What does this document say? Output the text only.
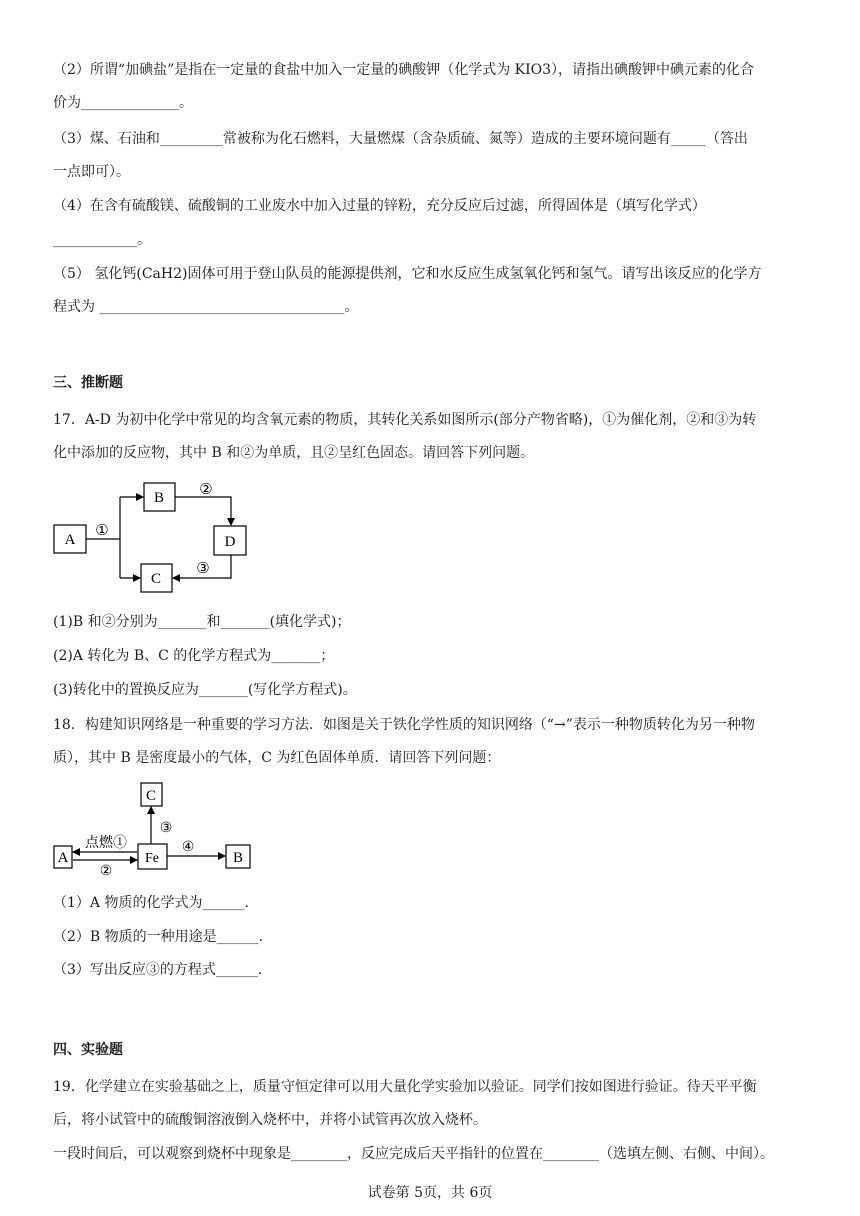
（2）所谓“加碘盐”是指在一定量的食盐中加入一定量的碘酸钾（化学式为 KIO3），请指出碘酸钾中碘元素的化合
价为______________。
（3）煤、石油和_________常被称为化石燃料，大量燃煤（含杂质硫、氮等）造成的主要环境问题有_____（答出
一点即可）。
（4）在含有硫酸镁、硫酸铜的工业废水中加入过量的锌粉，充分反应后过滤，所得固体是（填写化学式）
____________。
（5） 氢化钙(CaH2)固体可用于登山队员的能源提供剂，它和水反应生成氢氧化钙和氢气。请写出该反应的化学方
程式为 ___________________________________。
三、推断题
17．A-D 为初中化学中常见的均含氧元素的物质，其转化关系如图所示(部分产物省略)，①为催化剂，②和③为转
化中添加的反应物，其中 B 和②为单质，且②呈红色固态。请回答下列问题。
A
B
D
C
①
②
③
(1)B 和②分别为_______和_______(填化学式)；
(2)A 转化为 B、C 的化学方程式为_______；
(3)转化中的置换反应为_______(写化学方程式)。
18．构建知识网络是一种重要的学习方法．如图是关于铁化学性质的知识网络（“→”表示一种物质转化为另一种物
质），其中 B 是密度最小的气体，C 为红色固体单质．请回答下列问题：
C
A	Fe	B
③
点燃①
②
④
（1）A 物质的化学式为______.
（2）B 物质的一种用途是______.
（3）写出反应③的方程式______.
四、实验题
19．化学建立在实验基础之上，质量守恒定律可以用大量化学实验加以验证。同学们按如图进行验证。待天平平衡
后，将小试管中的硫酸铜溶液倒入烧杯中，并将小试管再次放入烧杯。
一段时间后，可以观察到烧杯中现象是________，反应完成后天平指针的位置在________（选填左侧、右侧、中间）。
试卷第 5页，共 6页
